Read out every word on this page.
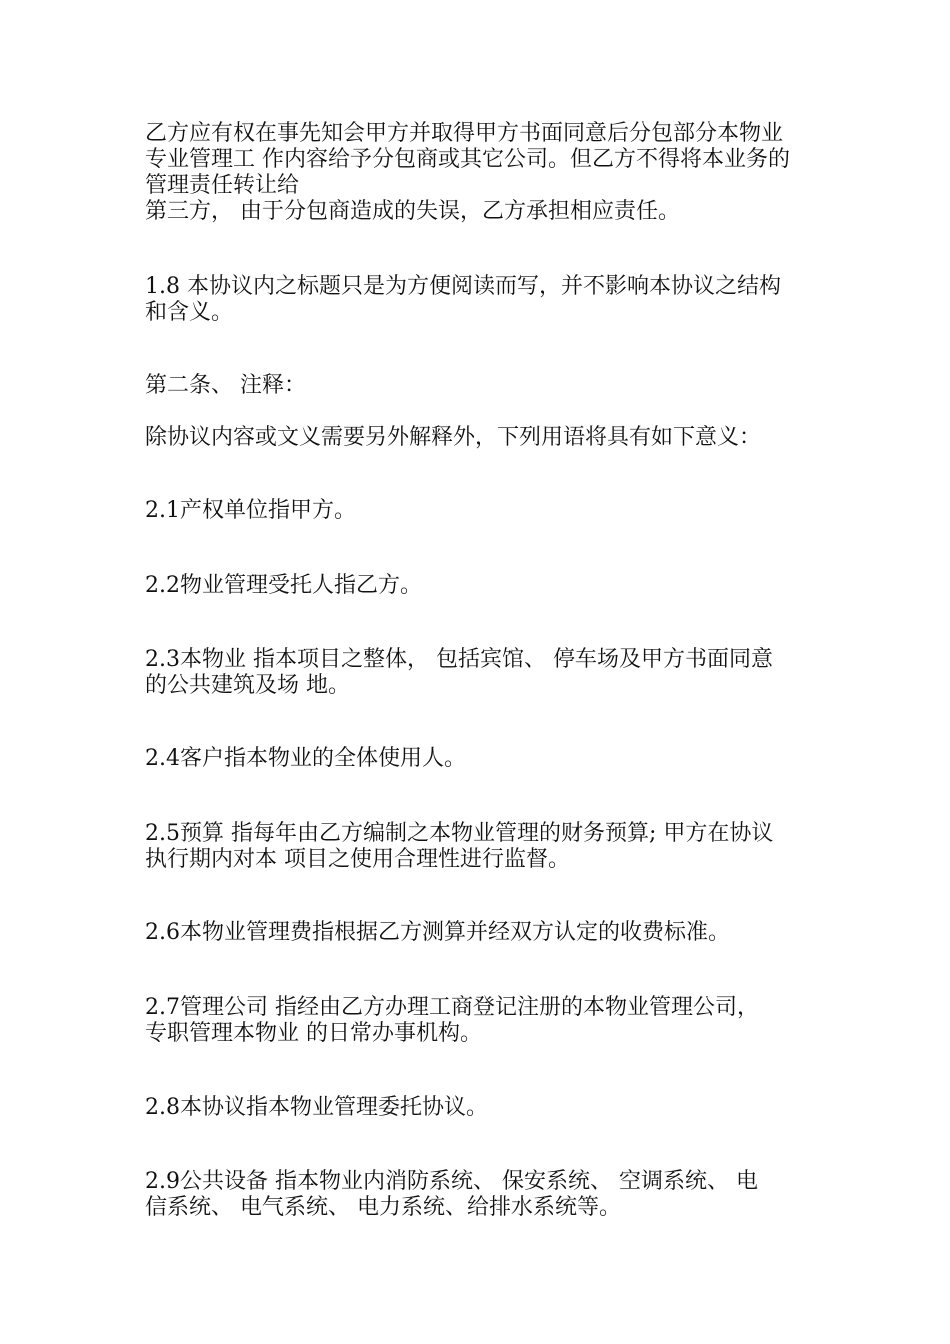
乙方应有权在事先知会甲方并取得甲方书面同意后分包部分本物业
专业管理工 作内容给予分包商或其它公司。但乙方不得将本业务的
管理责任转让给
第三方， 由于分包商造成的失误，乙方承担相应责任。

1.8 本协议内之标题只是为方便阅读而写，并不影响本协议之结构
和含义。

第二条、 注释：

除协议内容或文义需要另外解释外，下列用语将具有如下意义：

2.1产权单位指甲方。

2.2物业管理受托人指乙方。

2.3本物业 指本项目之整体， 包括宾馆、 停车场及甲方书面同意
的公共建筑及场 地。

2.4客户指本物业的全体使用人。

2.5预算 指每年由乙方编制之本物业管理的财务预算; 甲方在协议
执行期内对本 项目之使用合理性进行监督。

2.6本物业管理费指根据乙方测算并经双方认定的收费标准。

2.7管理公司 指经由乙方办理工商登记注册的本物业管理公司，
专职管理本物业 的日常办事机构。

2.8本协议指本物业管理委托协议。

2.9公共设备 指本物业内消防系统、 保安系统、 空调系统、 电
信系统、 电气系统、 电力系统、给排水系统等。
